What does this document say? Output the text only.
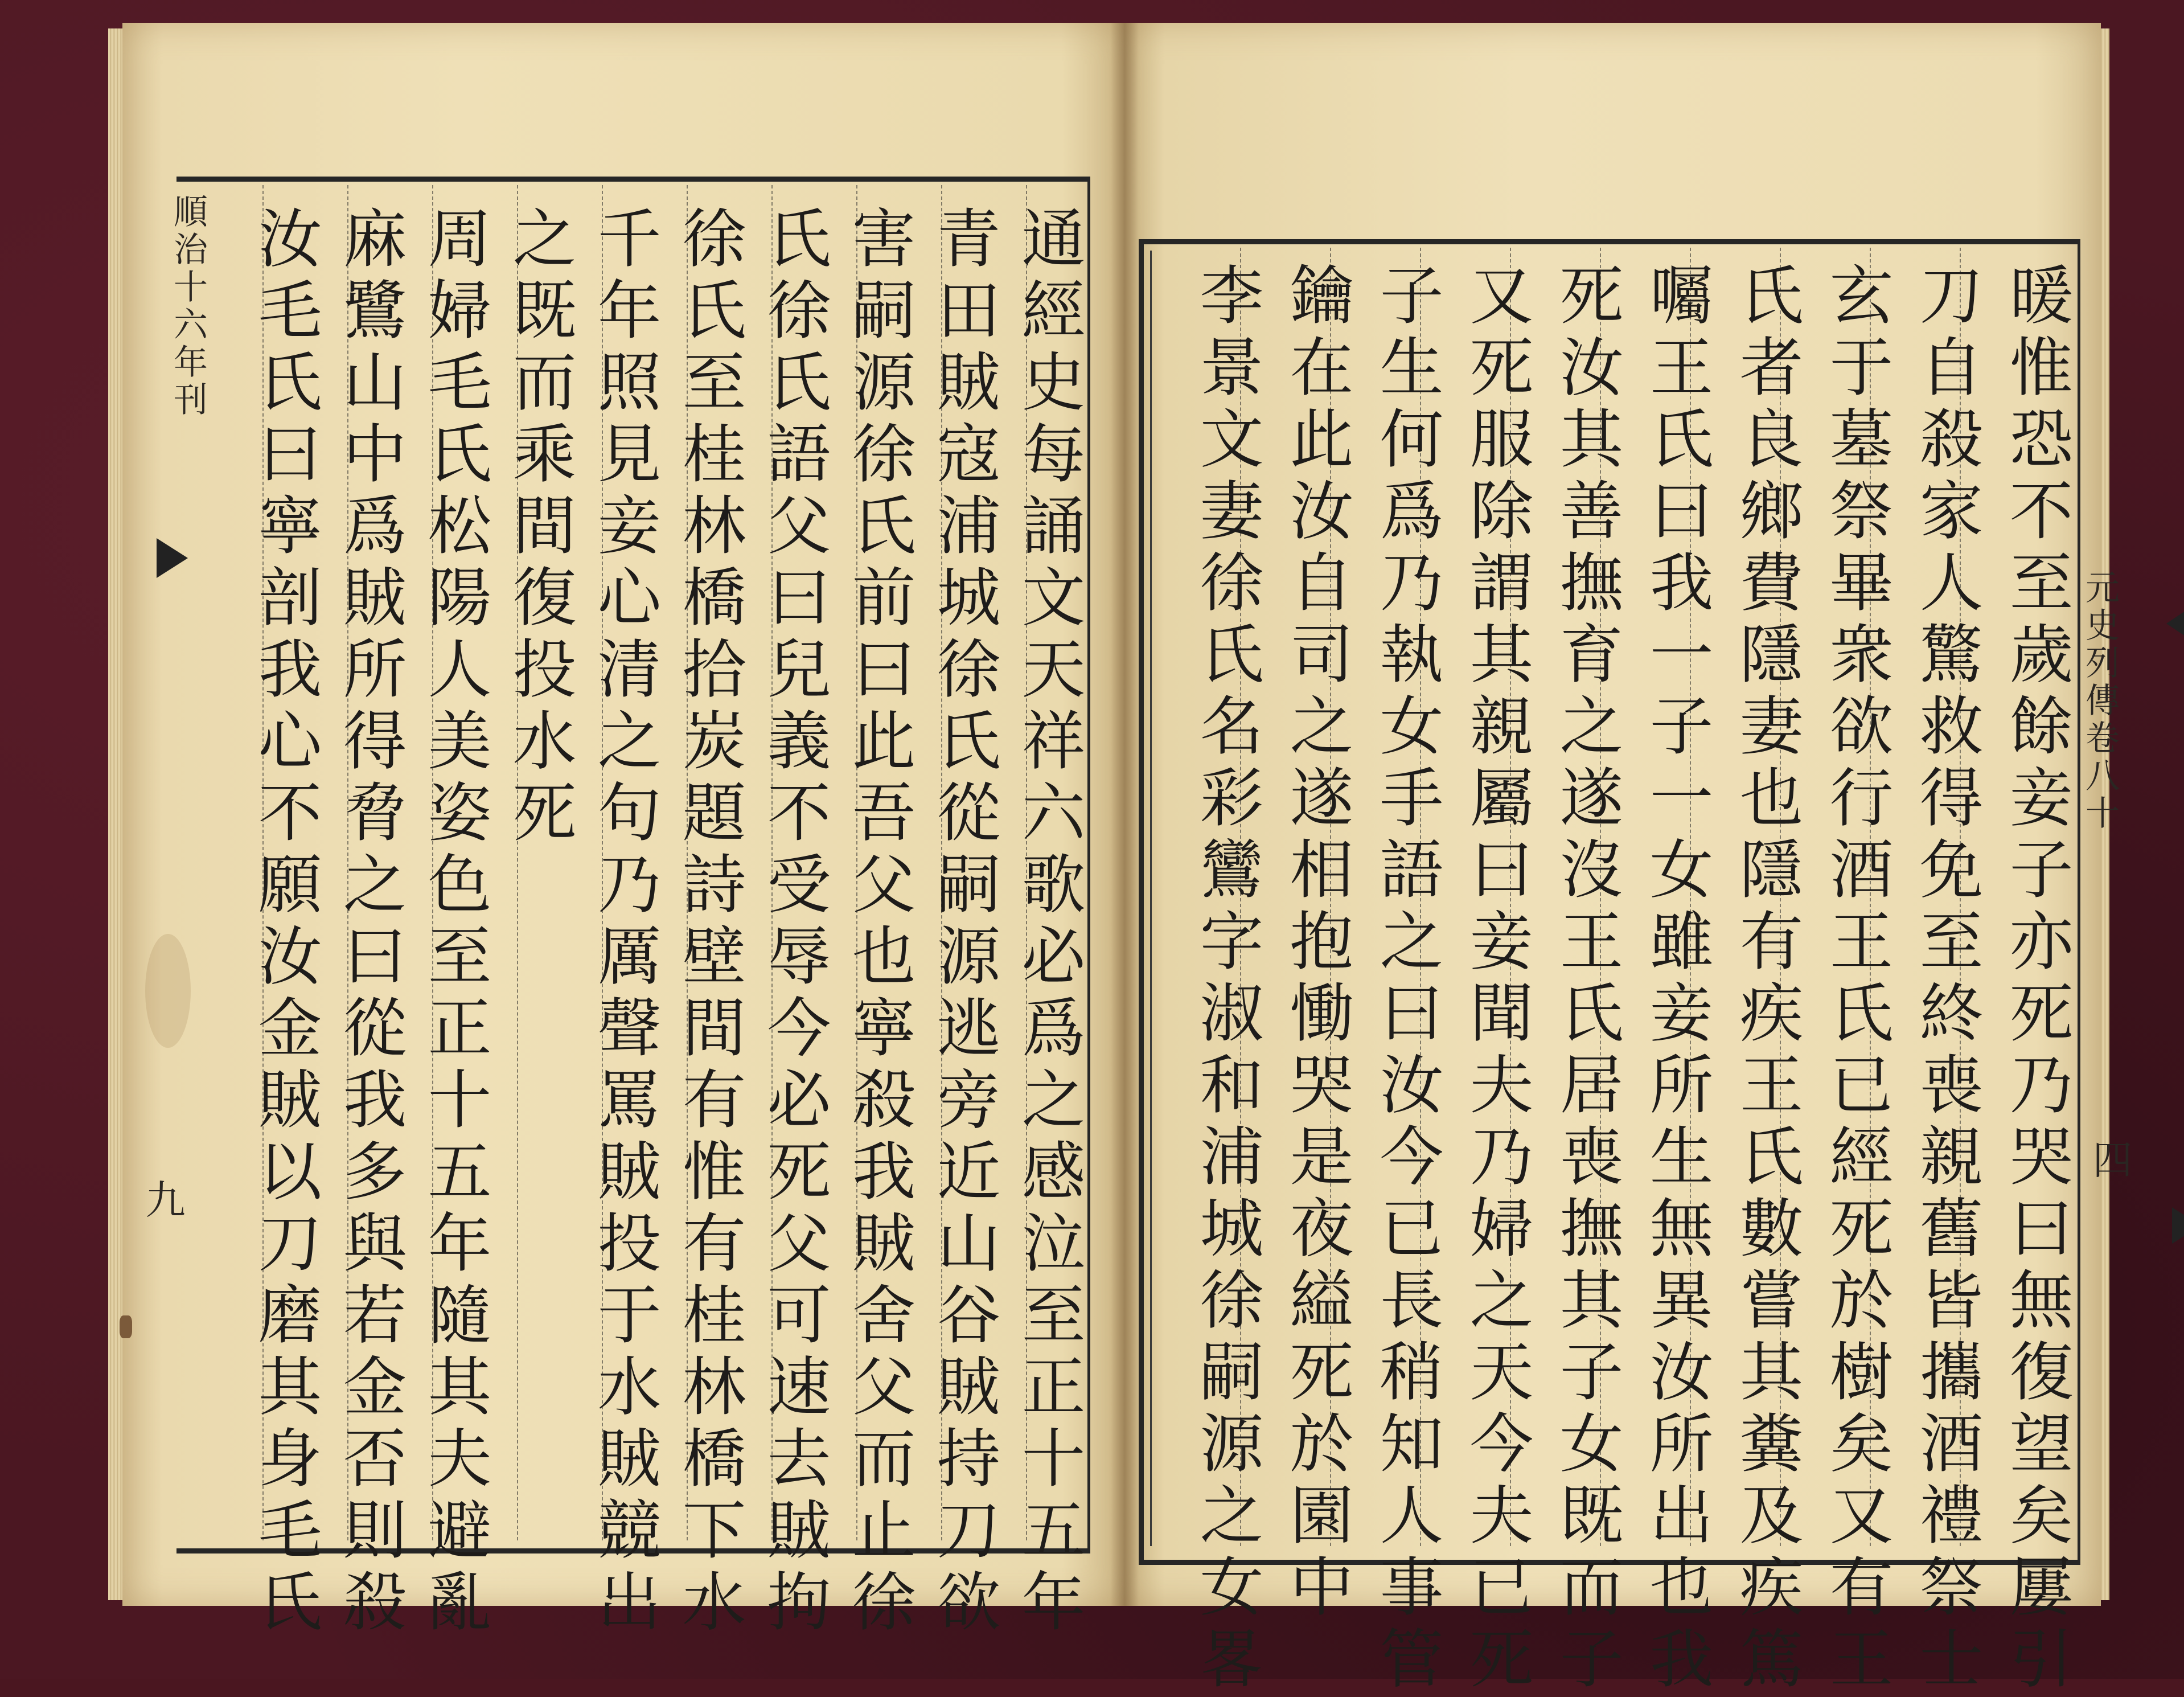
順治十六年刊
九	通經史每誦文天祥六歌必爲之感泣至正十五年
青田賊寇浦城徐氏從嗣源逃旁近山谷賊持刀欲
害嗣源徐氏前曰此吾父也寧殺我賊舍父而止徐
氏徐氏語父曰兒義不受辱今必死父可速去賊拘
徐氏至桂林橋拾炭題詩壁間有惟有桂林橋下水
千年照見妾心清之句乃厲聲罵賊投于水賊競出
之既而乘間復投水死
周婦毛氏松陽人美姿色至正十五年隨其夫避亂
麻鷺山中爲賊所得脅之曰從我多與若金否則殺
汝毛氏曰寧剖我心不願汝金賊以刀磨其身毛氏	元史列傳卷八十
四
暖惟恐不至歲餘妾子亦死乃哭曰無復望矣屢引
刀自殺家人驚救得免至終喪親舊皆攜酒禮祭士
玄于墓祭畢衆欲行酒王氏已經死於樹矣又有王
氏者良鄉費隱妻也隱有疾王氏數嘗其糞及疾篤
囑王氏曰我一子一女雖妾所生無異汝所出也我
死汝其善撫育之遂沒王氏居喪撫其子女既而子
又死服除謂其親屬曰妾聞夫乃婦之天今夫已死
子生何爲乃執女手語之曰汝今已長稍知人事管
鑰在此汝自司之遂相抱慟哭是夜縊死於園中
李景文妻徐氏名彩鸞字淑和浦城徐嗣源之女畧
